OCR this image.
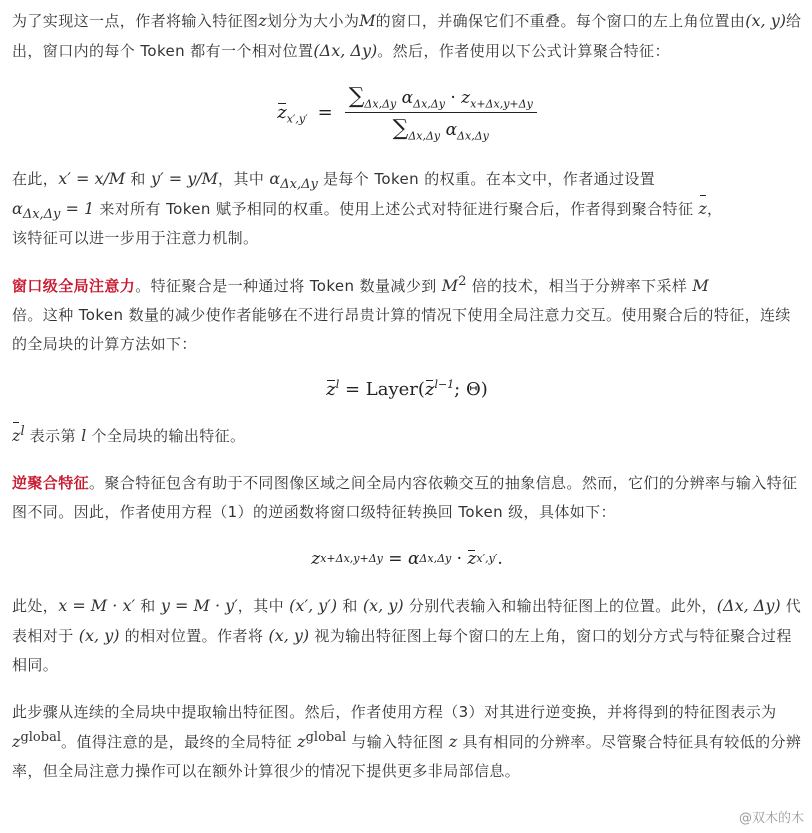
为了实现这一点，作者将输入特征图z划分为大小为M的窗口，并确保它们不重叠。每个窗口的左上角位置由(x, y)给出，窗口内的每个 Token 都有一个相对位置(Δx, Δy)。然后，作者使用以下公式计算聚合特征：

$z_{x',y'} = \frac{\sum_{\Delta x,\Delta y} \alpha_{\Delta x,\Delta y} \cdot z_{x+\Delta x,y+\Delta y}}{\sum_{\Delta x,\Delta y} \alpha_{\Delta x,\Delta y}}$

在此，x′ = x/M 和 y′ = y/M，其中 $\alpha_{\Delta x,\Delta y}$ 是每个 Token 的权重。在本文中，作者通过设置
$\alpha_{\Delta x,\Delta y} = 1$ 来对所有 Token 赋予相同的权重。使用上述公式对特征进行聚合后，作者得到聚合特征 z，
该特征可以进一步用于注意力机制。

窗口级全局注意力。特征聚合是一种通过将 Token 数量减少到 $M^2$ 倍的技术，相当于分辨率下采样 M
倍。这种 Token 数量的减少使作者能够在不进行昂贵计算的情况下使用全局注意力交互。使用聚合后的特征，连续的全局块的计算方法如下：

$z^l$ = Layer ( $z^{l-1}$ ; Θ)

$z^l$ 表示第 l 个全局块的输出特征。

逆聚合特征。聚合特征包含有助于不同图像区域之间全局内容依赖交互的抽象信息。然而，它们的分辨率与输入特征图不同。因此，作者使用方程（1）的逆函数将窗口级特征转换回 Token 级，具体如下：

z x+Δx,y+Δy = α Δx,Δy · z x′,y′ .

此处，x = M · x′ 和 y = M · y′，其中 (x′, y′) 和 (x, y) 分别代表输入和输出特征图上的位置。此外，(Δx, Δy) 代表相对于 (x, y) 的相对位置。作者将 (x, y) 视为输出特征图上每个窗口的左上角，窗口的划分方式与特征聚合过程相同。

此步骤从连续的全局块中提取输出特征图。然后，作者使用方程（3）对其进行逆变换，并将得到的特征图表示为 $z^{global}$。值得注意的是，最终的全局特征 $z^{global}$ 与输入特征图 z 具有相同的分辨率。尽管聚合特征具有较低的分辨率，但全局注意力操作可以在额外计算很少的情况下提供更多非局部信息。

@双木的木
